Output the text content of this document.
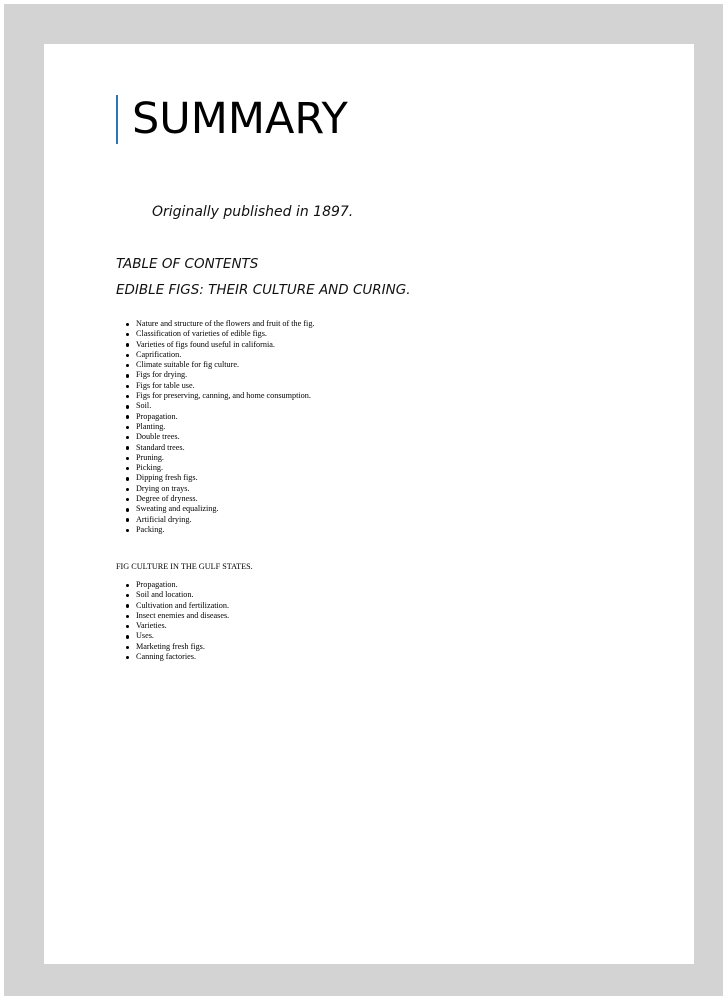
SUMMARY
Originally published in 1897.
TABLE OF CONTENTS
EDIBLE FIGS: THEIR CULTURE AND CURING.
Nature and structure of the flowers and fruit of the fig.
Classification of varieties of edible figs.
Varieties of figs found useful in california.
Caprification.
Climate suitable for fig culture.
Figs for drying.
Figs for table use.
Figs for preserving, canning, and home consumption.
Soil.
Propagation.
Planting.
Double trees.
Standard trees.
Pruning.
Picking.
Dipping fresh figs.
Drying on trays.
Degree of dryness.
Sweating and equalizing.
Artificial drying.
Packing.
FIG CULTURE IN THE GULF STATES.
Propagation.
Soil and location.
Cultivation and fertilization.
Insect enemies and diseases.
Varieties.
Uses.
Marketing fresh figs.
Canning factories.
